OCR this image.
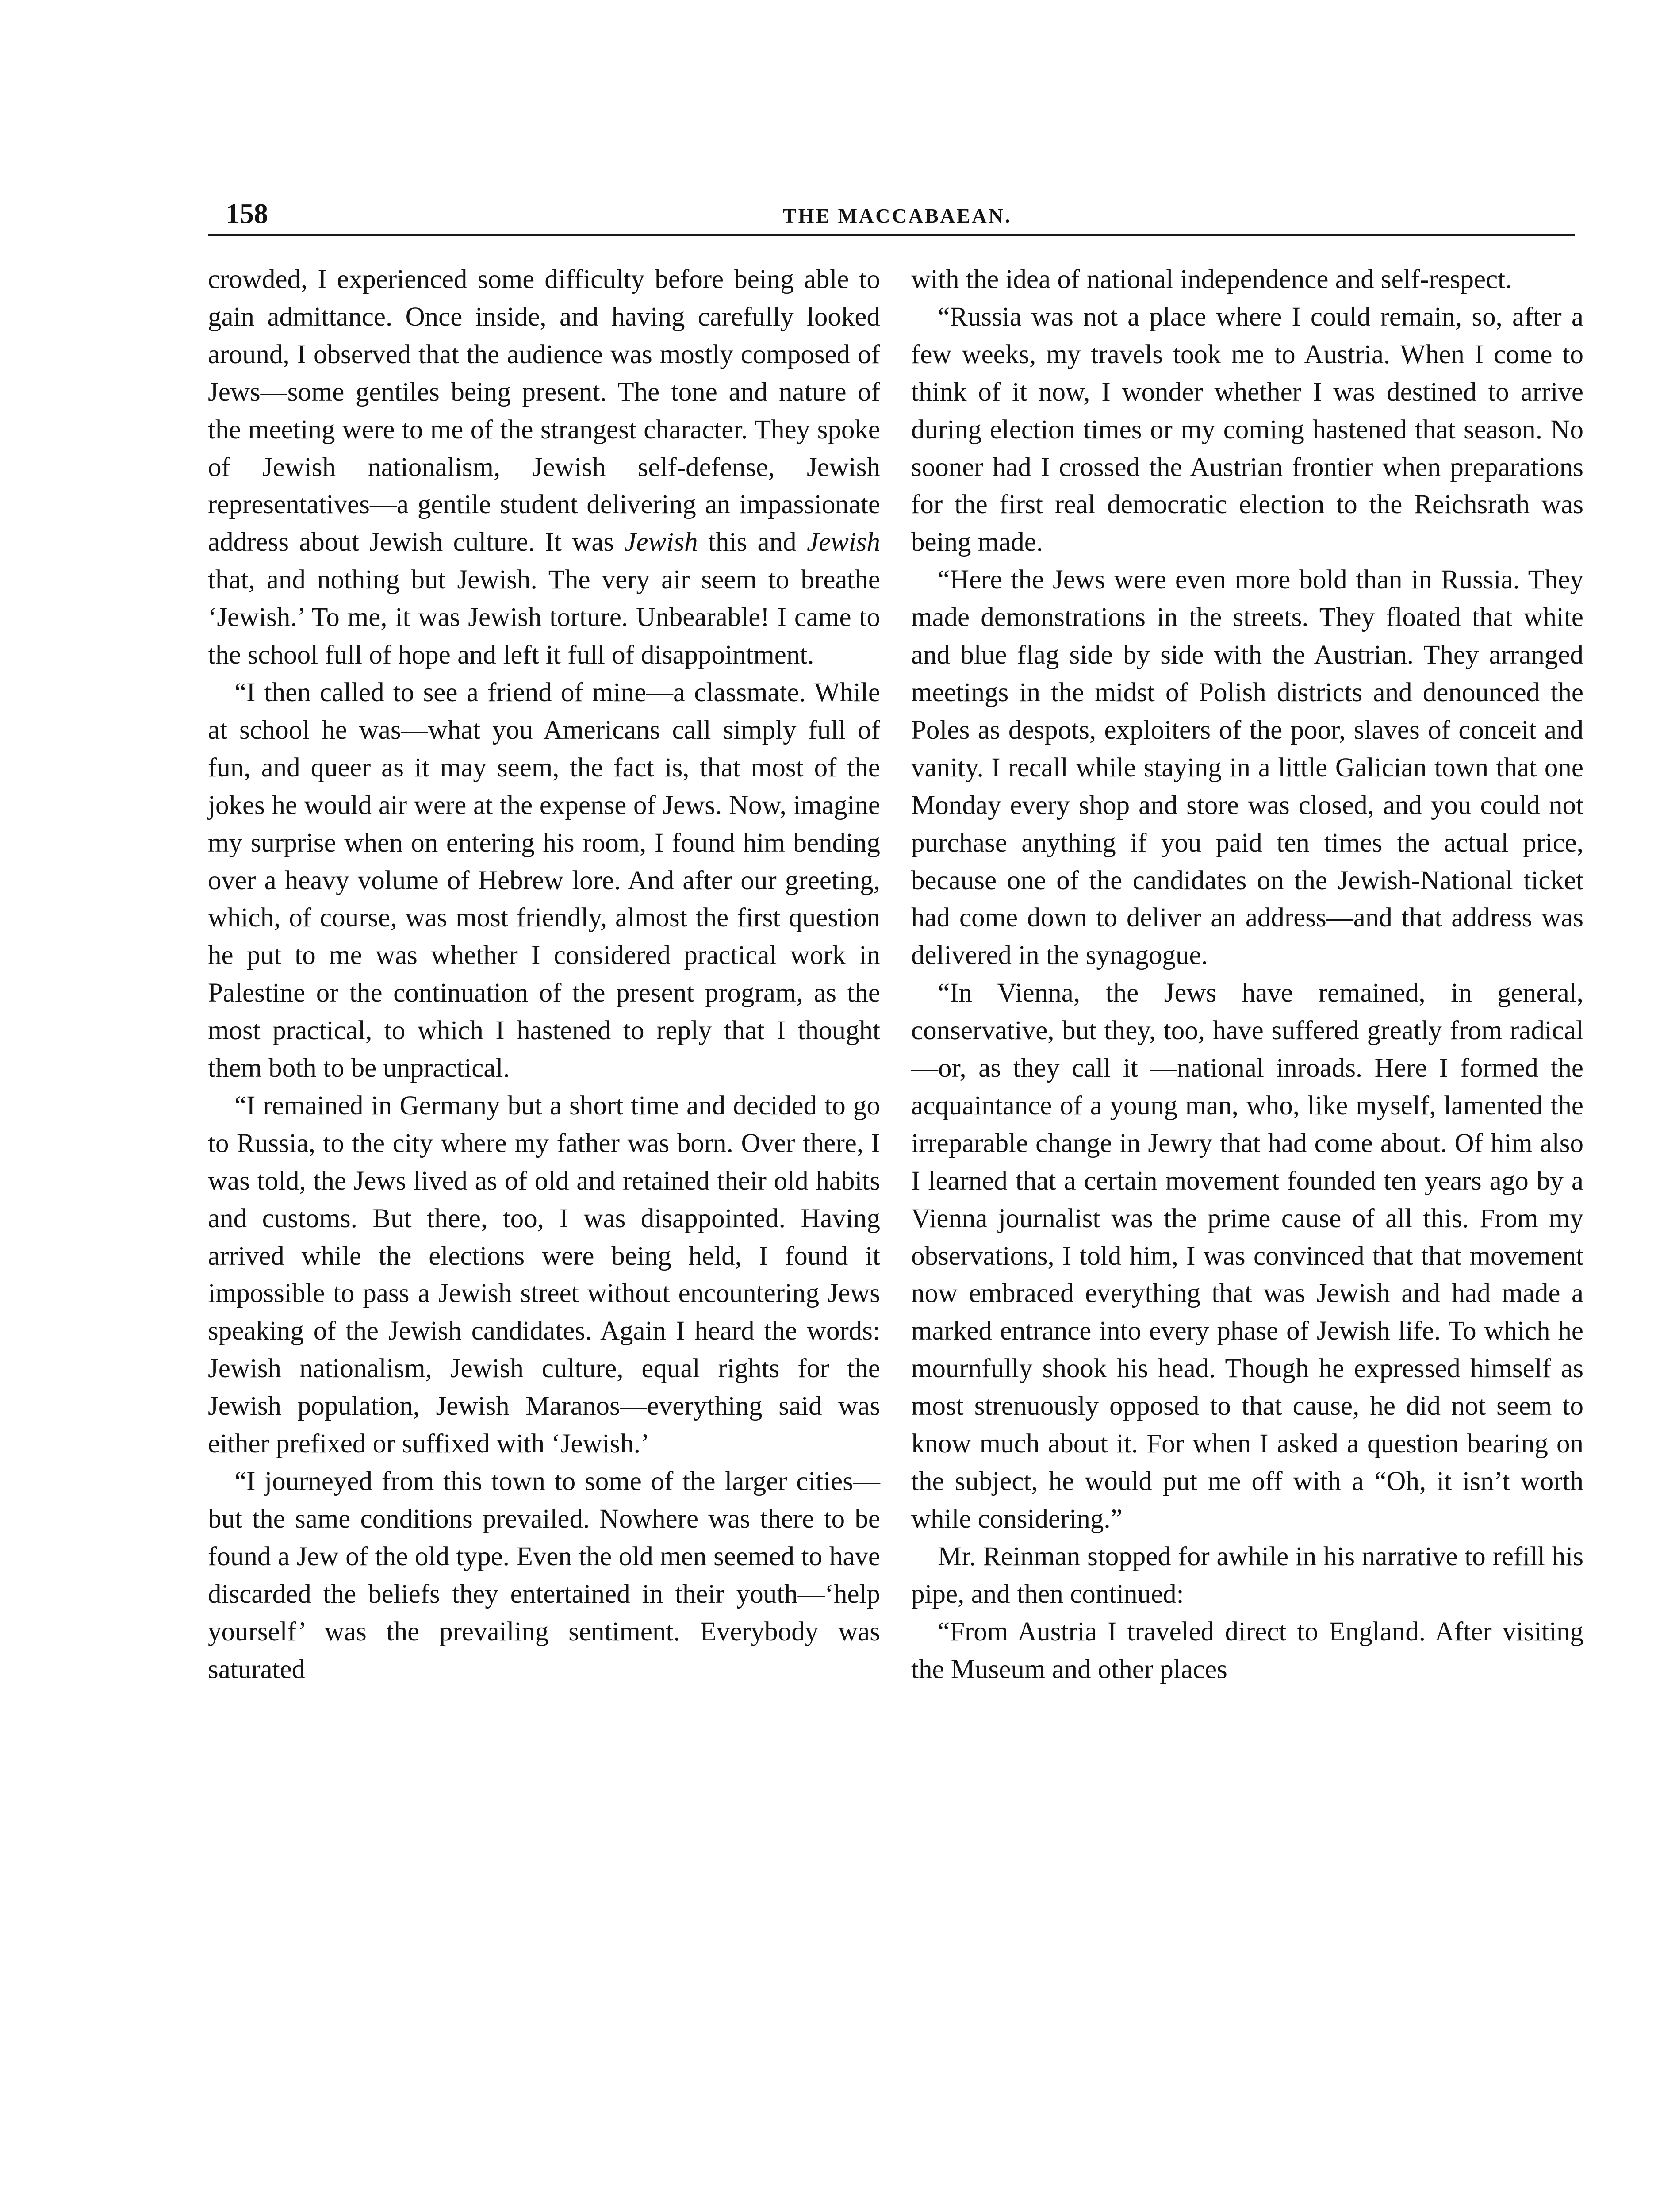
158	THE MACCABAEAN.

crowded, I experienced some difficulty before being able to gain admittance. Once inside, and having carefully looked around, I observed that the audience was mostly composed of Jews—some gentiles being present. The tone and nature of the meeting were to me of the strangest character. They spoke of Jewish nationalism, Jewish self-defense, Jewish representatives—a gentile student delivering an impassionate address about Jewish culture. It was Jewish this and Jewish that, and nothing but Jewish. The very air seem to breathe ‘Jewish.’ To me, it was Jewish torture. Unbearable! I came to the school full of hope and left it full of disappointment.

“I then called to see a friend of mine—a classmate. While at school he was—what you Americans call simply full of fun, and queer as it may seem, the fact is, that most of the jokes he would air were at the expense of Jews. Now, imagine my surprise when on entering his room, I found him bending over a heavy volume of Hebrew lore. And after our greeting, which, of course, was most friendly, almost the first question he put to me was whether I considered practical work in Palestine or the continuation of the present program, as the most practical, to which I hastened to reply that I thought them both to be unpractical.

“I remained in Germany but a short time and decided to go to Russia, to the city where my father was born. Over there, I was told, the Jews lived as of old and retained their old habits and customs. But there, too, I was disappointed. Having arrived while the elections were being held, I found it impossible to pass a Jewish street without encountering Jews speaking of the Jewish candidates. Again I heard the words: Jewish nationalism, Jewish culture, equal rights for the Jewish population, Jewish Maranos—everything said was either prefixed or suffixed with ‘Jewish.’

“I journeyed from this town to some of the larger cities—but the same conditions prevailed. Nowhere was there to be found a Jew of the old type. Even the old men seemed to have discarded the beliefs they entertained in their youth—‘help yourself’ was the prevailing sentiment. Everybody was saturated

with the idea of national independence and self-respect.

“Russia was not a place where I could remain, so, after a few weeks, my travels took me to Austria. When I come to think of it now, I wonder whether I was destined to arrive during election times or my coming hastened that season. No sooner had I crossed the Austrian frontier when preparations for the first real democratic election to the Reichsrath was being made.

“Here the Jews were even more bold than in Russia. They made demonstrations in the streets. They floated that white and blue flag side by side with the Austrian. They arranged meetings in the midst of Polish districts and denounced the Poles as despots, exploiters of the poor, slaves of conceit and vanity. I recall while staying in a little Galician town that one Monday every shop and store was closed, and you could not purchase anything if you paid ten times the actual price, because one of the candidates on the Jewish-National ticket had come down to deliver an address—and that address was delivered in the synagogue.

“In Vienna, the Jews have remained, in general, conservative, but they, too, have suffered greatly from radical—or, as they call it —national inroads. Here I formed the acquaintance of a young man, who, like myself, lamented the irreparable change in Jewry that had come about. Of him also I learned that a certain movement founded ten years ago by a Vienna journalist was the prime cause of all this. From my observations, I told him, I was convinced that that movement now embraced everything that was Jewish and had made a marked entrance into every phase of Jewish life. To which he mournfully shook his head. Though he expressed himself as most strenuously opposed to that cause, he did not seem to know much about it. For when I asked a question bearing on the subject, he would put me off with a “Oh, it isn’t worth while considering.”

Mr. Reinman stopped for awhile in his narrative to refill his pipe, and then continued:

“From Austria I traveled direct to England. After visiting the Museum and other places
